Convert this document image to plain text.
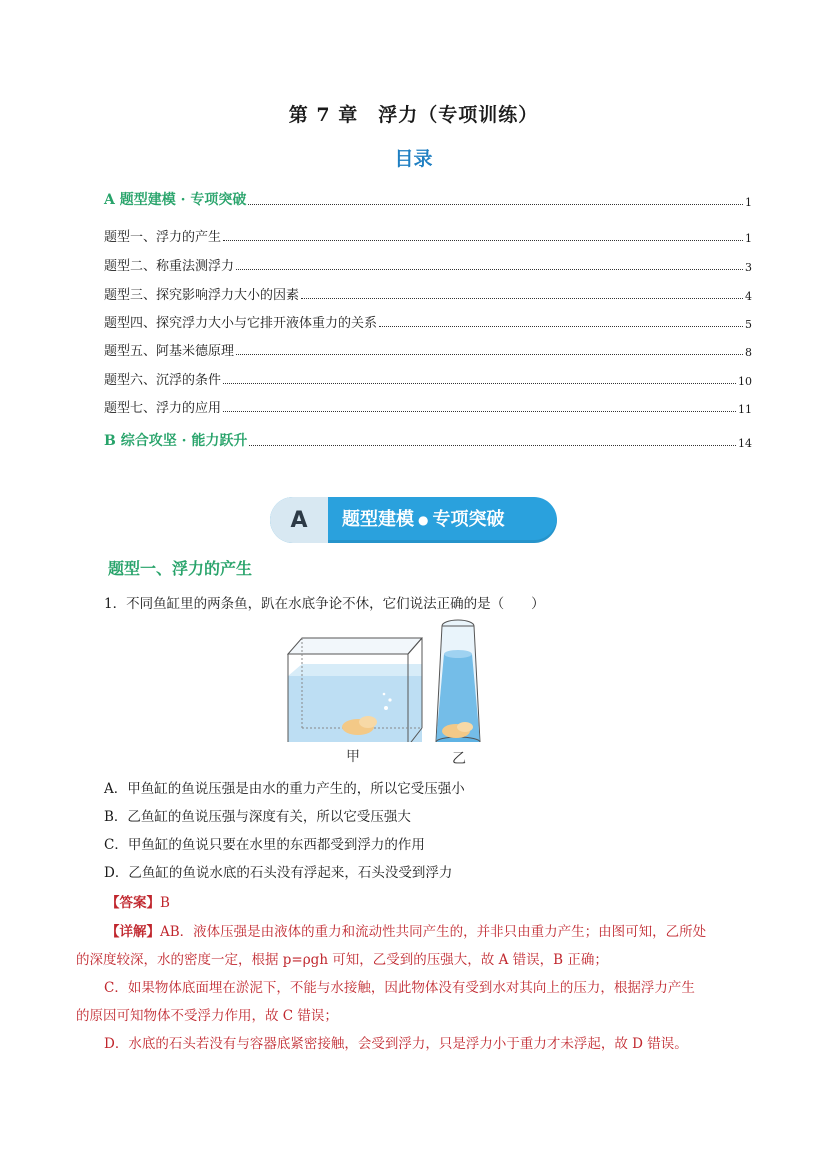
第 7 章　浮力（专项训练）
目录
A 题型建模 · 专项突破	1
题型一、浮力的产生	1
题型二、称重法测浮力	3
题型三、探究影响浮力大小的因素	4
题型四、探究浮力大小与它排开液体重力的关系	5
题型五、阿基米德原理	8
题型六、沉浮的条件	10
题型七、浮力的应用	11
B 综合攻坚 · 能力跃升	14
A	题型建模 ● 专项突破
题型一、浮力的产生
1．不同鱼缸里的两条鱼，趴在水底争论不休，它们说法正确的是（　　）
甲	乙
A．甲鱼缸的鱼说压强是由水的重力产生的，所以它受压强小
B．乙鱼缸的鱼说压强与深度有关，所以它受压强大
C．甲鱼缸的鱼说只要在水里的东西都受到浮力的作用
D．乙鱼缸的鱼说水底的石头没有浮起来，石头没受到浮力
【答案】B
【详解】AB．液体压强是由液体的重力和流动性共同产生的，并非只由重力产生；由图可知，乙所处
的深度较深，水的密度一定，根据 p=ρgh 可知，乙受到的压强大，故 A 错误，B 正确；
C．如果物体底面埋在淤泥下，不能与水接触，因此物体没有受到水对其向上的压力，根据浮力产生
的原因可知物体不受浮力作用，故 C 错误；
D．水底的石头若没有与容器底紧密接触，会受到浮力，只是浮力小于重力才未浮起，故 D 错误。
